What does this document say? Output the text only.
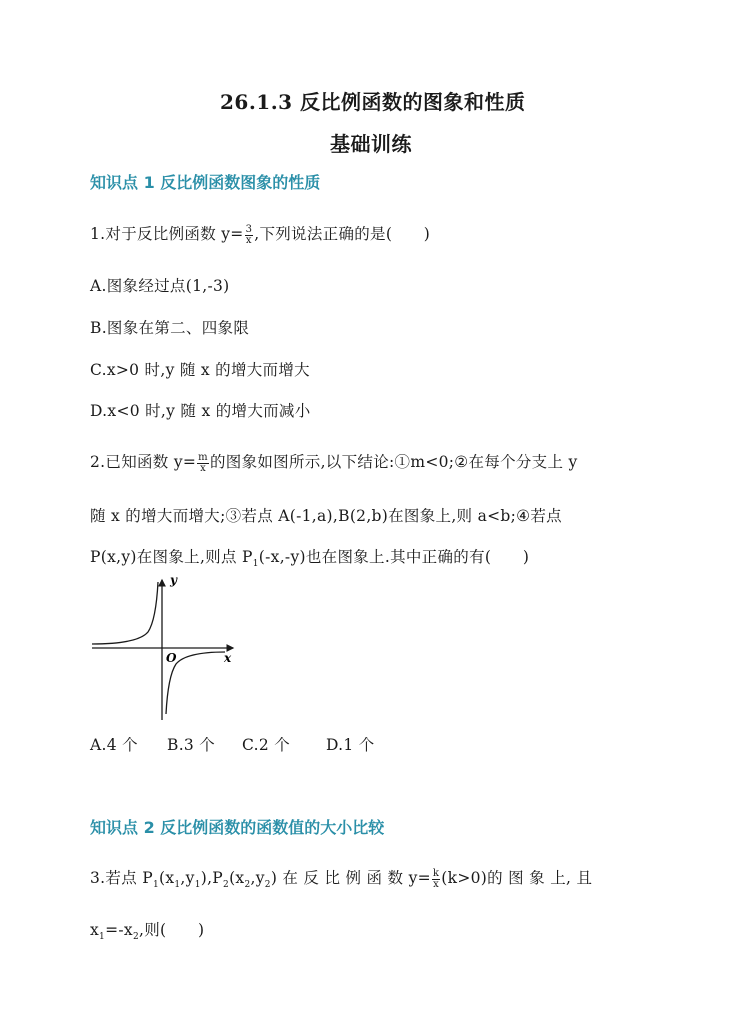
26.1.3 反比例函数的图象和性质
基础训练
知识点 1 反比例函数图象的性质
1.对于反比例函数 $y= \frac{3}{x}$ ,下列说法正确的是(　　)
A.图象经过点(1,-3)
B.图象在第二、四象限
C.x>0 时,y 随 x 的增大而增大
D.x<0 时,y 随 x 的增大而减小
2.已知函数 $y= \frac{m}{x}$ 的图象如图所示,以下结论:①m<0;②在每个分支上 y
随 x 的增大而增大;③若点 A(-1,a),B(2,b)在图象上,则 a<b;④若点
P(x,y)在图象上,则点 $P_1(-x,-y)$也在图象上.其中正确的有(　　)
y
x
O
A.4 个 B.3 个 C.2 个 D.1 个
知识点 2 反比例函数的函数值的大小比较
3.若点 $P_1(x_1,y_1),P_2(x_2,y_2)$ 在 反 比 例 函 数 $y= \frac{k}{x} (k>0)$的 图 象 上, 且
$x_1=-x_2$,则(　　)
